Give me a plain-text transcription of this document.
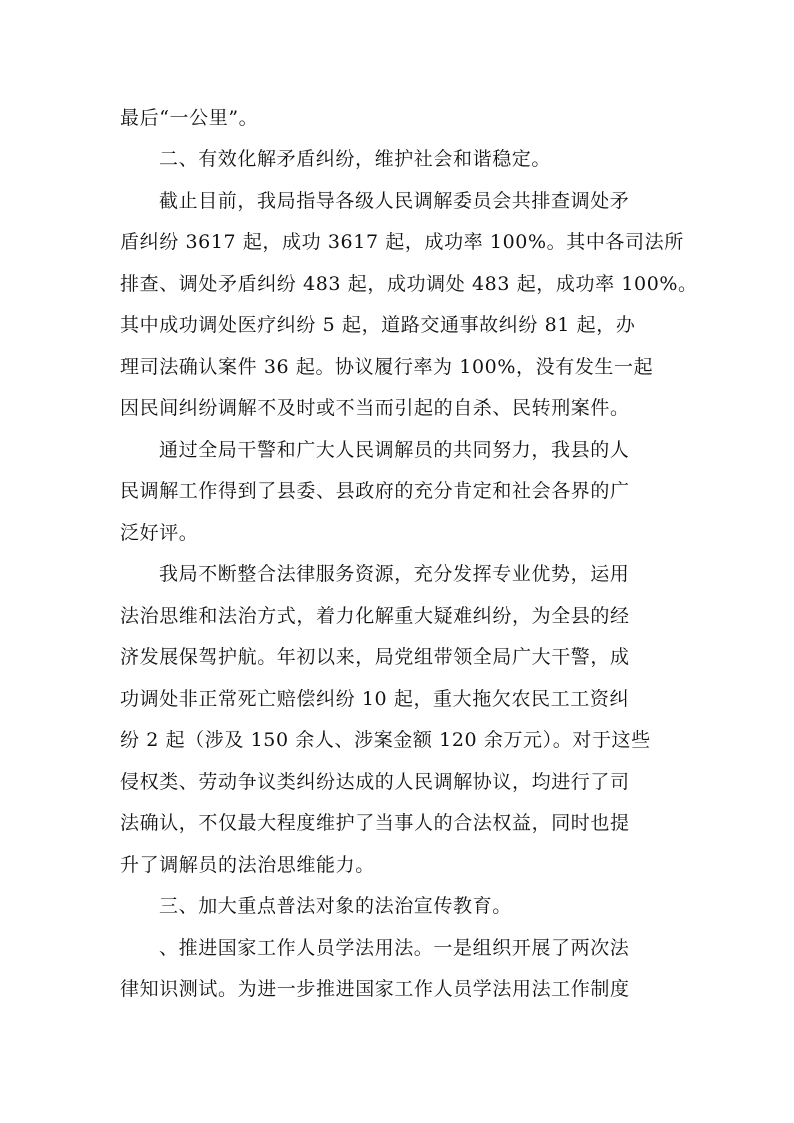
最后“一公里”。
二、有效化解矛盾纠纷，维护社会和谐稳定。
截止目前，我局指导各级人民调解委员会共排查调处矛
盾纠纷 3617 起，成功 3617 起，成功率 100%。其中各司法所
排查、调处矛盾纠纷 483 起，成功调处 483 起，成功率 100%。
其中成功调处医疗纠纷 5 起，道路交通事故纠纷 81 起，办
理司法确认案件 36 起。协议履行率为 100%，没有发生一起
因民间纠纷调解不及时或不当而引起的自杀、民转刑案件。
通过全局干警和广大人民调解员的共同努力，我县的人
民调解工作得到了县委、县政府的充分肯定和社会各界的广
泛好评。
我局不断整合法律服务资源，充分发挥专业优势，运用
法治思维和法治方式，着力化解重大疑难纠纷，为全县的经
济发展保驾护航。年初以来，局党组带领全局广大干警，成
功调处非正常死亡赔偿纠纷 10 起，重大拖欠农民工工资纠
纷 2 起（涉及 150 余人、涉案金额 120 余万元）。对于这些
侵权类、劳动争议类纠纷达成的人民调解协议，均进行了司
法确认，不仅最大程度维护了当事人的合法权益，同时也提
升了调解员的法治思维能力。
三、加大重点普法对象的法治宣传教育。
、推进国家工作人员学法用法。一是组织开展了两次法
律知识测试。为进一步推进国家工作人员学法用法工作制度
